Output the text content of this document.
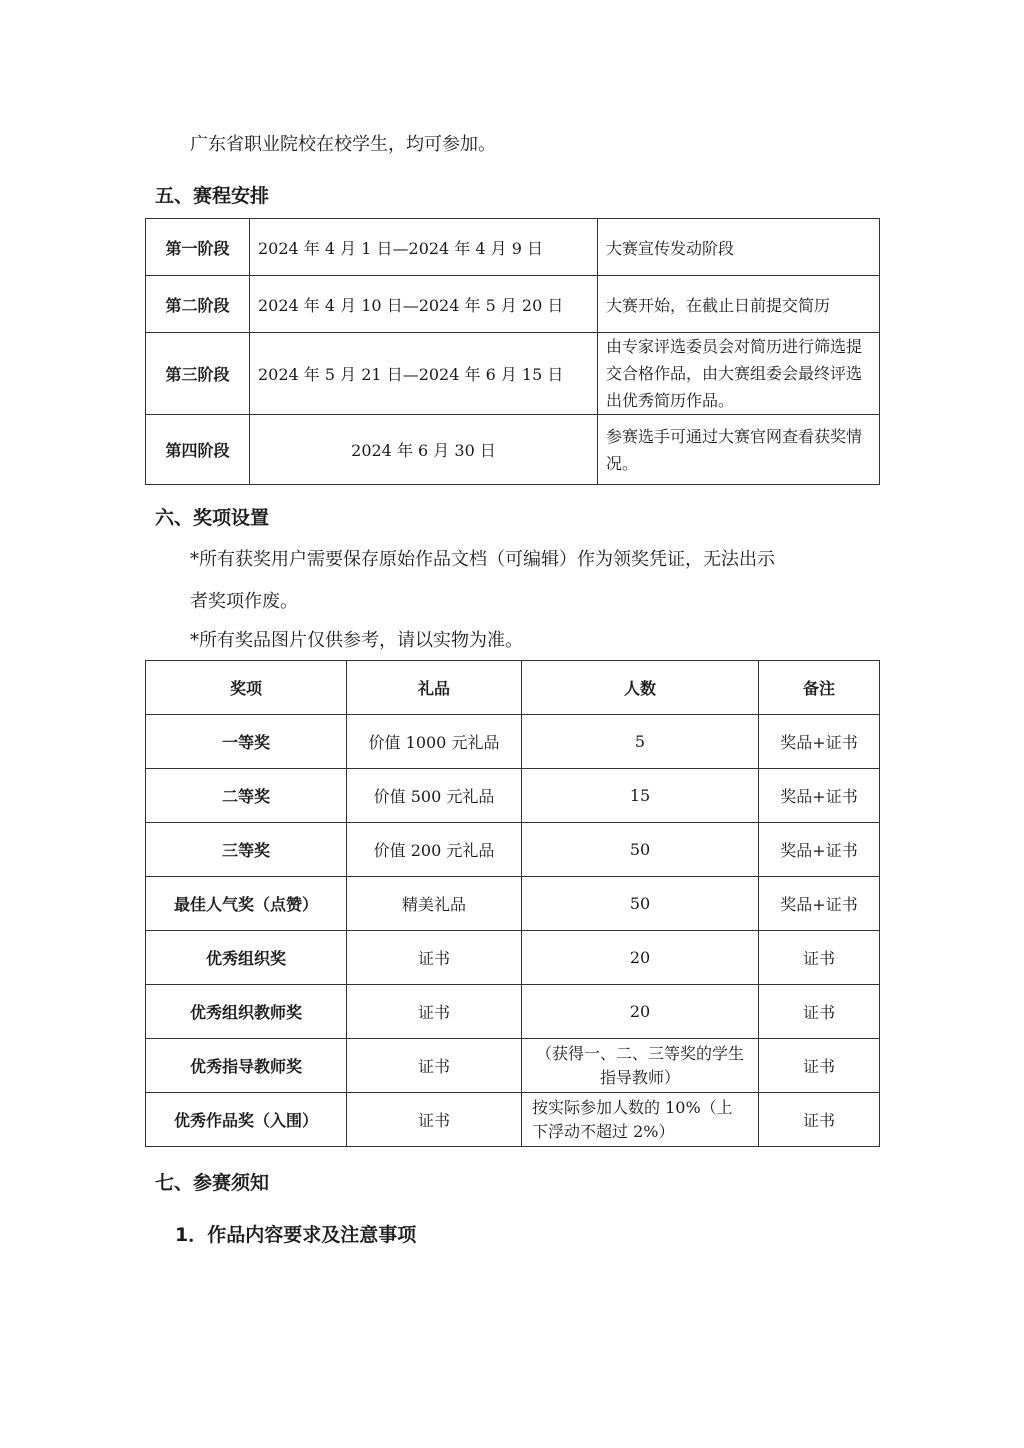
广东省职业院校在校学生，均可参加。

五、赛程安排
第一阶段	2024 年 4 月 1 日—2024 年 4 月 9 日	大赛宣传发动阶段
第二阶段	2024 年 4 月 10 日—2024 年 5 月 20 日	大赛开始，在截止日前提交简历
第三阶段	2024 年 5 月 21 日—2024 年 6 月 15 日	由专家评选委员会对简历进行筛选提交合格作品，由大赛组委会最终评选出优秀简历作品。
第四阶段	2024 年 6 月 30 日	参赛选手可通过大赛官网查看获奖情况。
六、奖项设置

*所有获奖用户需要保存原始作品文档（可编辑）作为领奖凭证，无法出示

者奖项作废。

*所有奖品图片仅供参考，请以实物为准。

奖项	礼品	人数	备注
一等奖	价值 1000 元礼品	5	奖品+证书
二等奖	价值 500 元礼品	15	奖品+证书
三等奖	价值 200 元礼品	50	奖品+证书
最佳人气奖（点赞）	精美礼品	50	奖品+证书
优秀组织奖	证书	20	证书
优秀组织教师奖	证书	20	证书
优秀指导教师奖	证书	（获得一、二、三等奖的学生指导教师）	证书
优秀作品奖（入围）	证书	按实际参加人数的 10%（上下浮动不超过 2%）	证书
七、参赛须知
1．作品内容要求及注意事项
